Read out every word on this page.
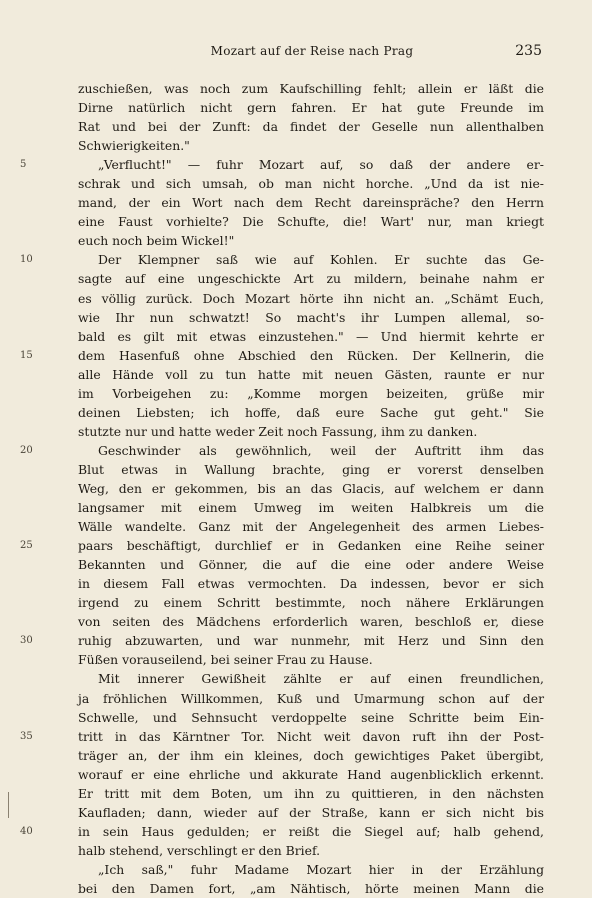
Mozart auf der Reise nach Prag	235
zuschießen, was noch zum Kaufschilling fehlt; allein er läßt die
Dirne natürlich nicht gern fahren. Er hat gute Freunde im
Rat und bei der Zunft: da findet der Geselle nun allenthalben
Schwierigkeiten."
5	„Verflucht!" — fuhr Mozart auf, so daß der andere er-
schrak und sich umsah, ob man nicht horche. „Und da ist nie-
mand, der ein Wort nach dem Recht dareinspräche? den Herrn
eine Faust vorhielte? Die Schufte, die! Wart' nur, man kriegt
euch noch beim Wickel!"
10	Der Klempner saß wie auf Kohlen. Er suchte das Ge-
sagte auf eine ungeschickte Art zu mildern, beinahe nahm er
es völlig zurück. Doch Mozart hörte ihn nicht an. „Schämt Euch,
wie Ihr nun schwatzt! So macht's ihr Lumpen allemal, so-
bald es gilt mit etwas einzustehen." — Und hiermit kehrte er
15	dem Hasenfuß ohne Abschied den Rücken. Der Kellnerin, die
alle Hände voll zu tun hatte mit neuen Gästen, raunte er nur
im Vorbeigehen zu: „Komme morgen beizeiten, grüße mir
deinen Liebsten; ich hoffe, daß eure Sache gut geht." Sie
stutzte nur und hatte weder Zeit noch Fassung, ihm zu danken.
20	Geschwinder als gewöhnlich, weil der Auftritt ihm das
Blut etwas in Wallung brachte, ging er vorerst denselben
Weg, den er gekommen, bis an das Glacis, auf welchem er dann
langsamer mit einem Umweg im weiten Halbkreis um die
Wälle wandelte. Ganz mit der Angelegenheit des armen Liebes-
25	paars beschäftigt, durchlief er in Gedanken eine Reihe seiner
Bekannten und Gönner, die auf die eine oder andere Weise
in diesem Fall etwas vermochten. Da indessen, bevor er sich
irgend zu einem Schritt bestimmte, noch nähere Erklärungen
von seiten des Mädchens erforderlich waren, beschloß er, diese
30	ruhig abzuwarten, und war nunmehr, mit Herz und Sinn den
Füßen vorauseilend, bei seiner Frau zu Hause.
Mit innerer Gewißheit zählte er auf einen freundlichen,
ja fröhlichen Willkommen, Kuß und Umarmung schon auf der
Schwelle, und Sehnsucht verdoppelte seine Schritte beim Ein-
35	tritt in das Kärntner Tor. Nicht weit davon ruft ihn der Post-
träger an, der ihm ein kleines, doch gewichtiges Paket übergibt,
worauf er eine ehrliche und akkurate Hand augenblicklich erkennt.
Er tritt mit dem Boten, um ihn zu quittieren, in den nächsten
Kaufladen; dann, wieder auf der Straße, kann er sich nicht bis
40	in sein Haus gedulden; er reißt die Siegel auf; halb gehend,
halb stehend, verschlingt er den Brief.
„Ich saß," fuhr Madame Mozart hier in der Erzählung
bei den Damen fort, „am Nähtisch, hörte meinen Mann die
